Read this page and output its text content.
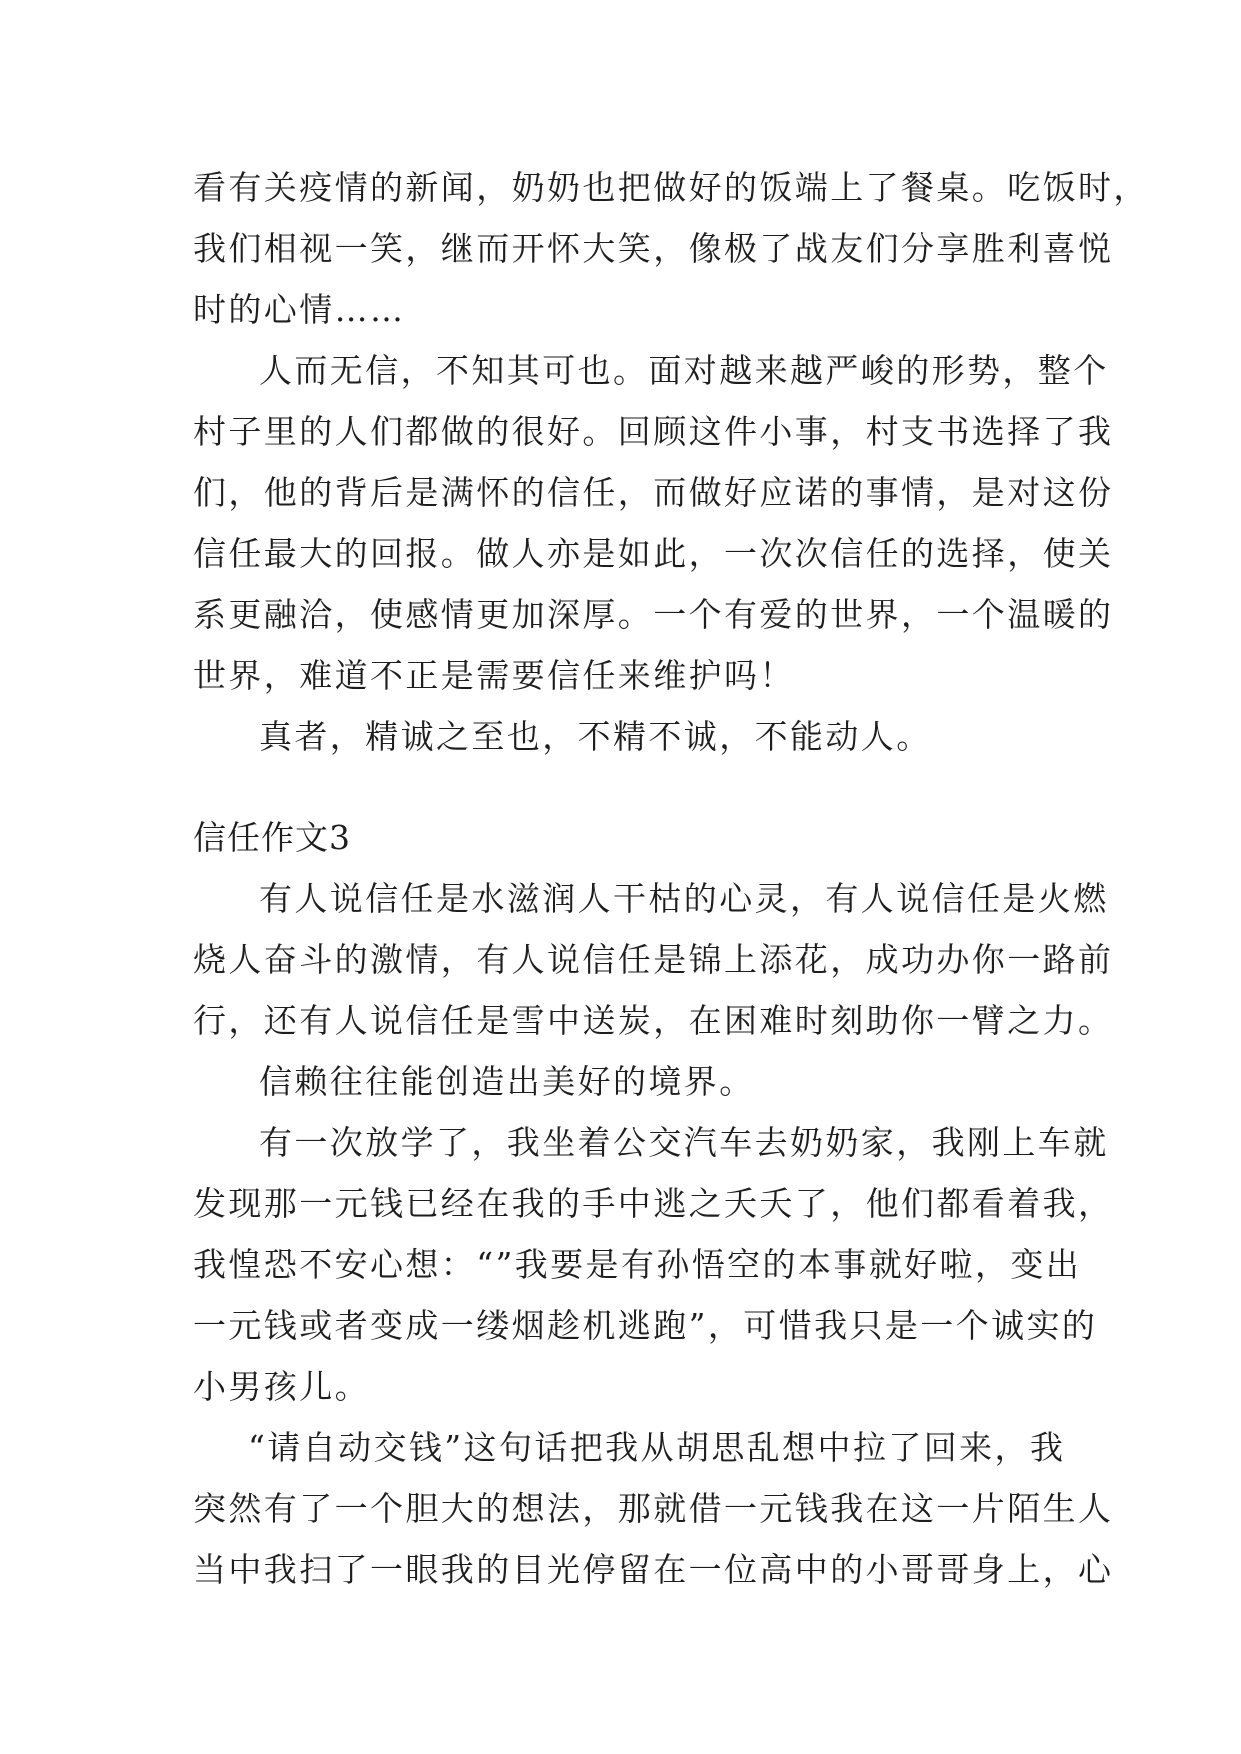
看有关疫情的新闻，奶奶也把做好的饭端上了餐桌。吃饭时，
我们相视一笑，继而开怀大笑，像极了战友们分享胜利喜悦
时的心情……
人而无信，不知其可也。面对越来越严峻的形势，整个
村子里的人们都做的很好。回顾这件小事，村支书选择了我
们，他的背后是满怀的信任，而做好应诺的事情，是对这份
信任最大的回报。做人亦是如此，一次次信任的选择，使关
系更融洽，使感情更加深厚。一个有爱的世界，一个温暖的
世界，难道不正是需要信任来维护吗！
真者，精诚之至也，不精不诚，不能动人。
信任作文3
有人说信任是水滋润人干枯的心灵，有人说信任是火燃
烧人奋斗的激情，有人说信任是锦上添花，成功办你一路前
行，还有人说信任是雪中送炭，在困难时刻助你一臂之力。
信赖往往能创造出美好的境界。
有一次放学了，我坐着公交汽车去奶奶家，我刚上车就
发现那一元钱已经在我的手中逃之夭夭了，他们都看着我，
我惶恐不安心想：“”我要是有孙悟空的本事就好啦，变出
一元钱或者变成一缕烟趁机逃跑”，可惜我只是一个诚实的
小男孩儿。
“请自动交钱”这句话把我从胡思乱想中拉了回来，我
突然有了一个胆大的想法，那就借一元钱我在这一片陌生人
当中我扫了一眼我的目光停留在一位高中的小哥哥身上，心
